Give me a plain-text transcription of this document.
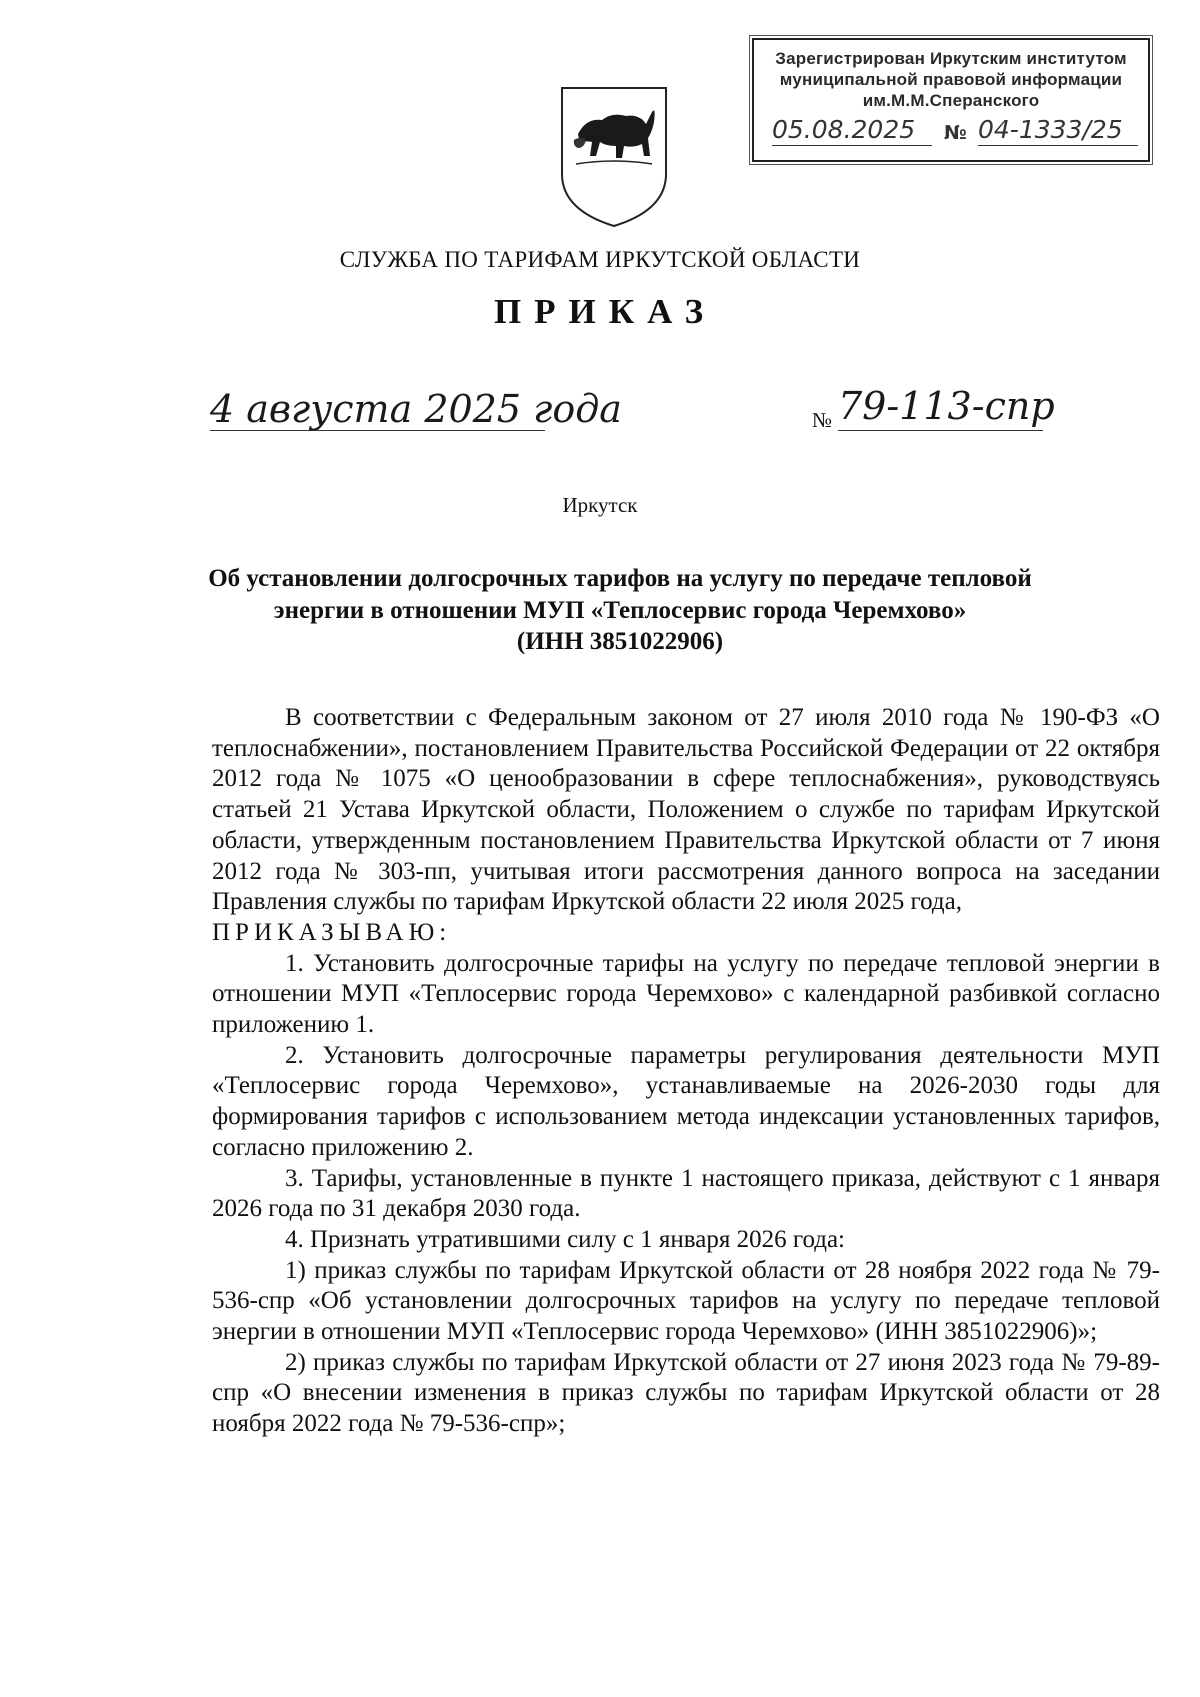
Зарегистрирован Иркутским институтом
муниципальной правовой информации
им.М.М.Сперанского
05.08.2025	№ 04-1333/25
СЛУЖБА ПО ТАРИФАМ ИРКУТСКОЙ ОБЛАСТИ
ПРИКАЗ
4 августа 2025 года	№ 79-113-спр
Иркутск
Об установлении долгосрочных тарифов на услугу по передаче тепловой
энергии в отношении МУП «Теплосервис города Черемхово»
(ИНН 3851022906)

В соответствии с Федеральным законом от 27 июля 2010 года № 190-ФЗ «О теплоснабжении», постановлением Правительства Российской Федерации от 22 октября 2012 года № 1075 «О ценообразовании в сфере теплоснабжения», руководствуясь статьей 21 Устава Иркутской области, Положением о службе по тарифам Иркутской области, утвержденным постановлением Правительства Иркутской области от 7 июня 2012 года № 303-пп, учитывая итоги рассмотрения данного вопроса на заседании Правления службы по тарифам Иркутской области 22 июля 2025 года,

ПРИКАЗЫВАЮ:

1. Установить долгосрочные тарифы на услугу по передаче тепловой энергии в отношении МУП «Теплосервис города Черемхово» с календарной разбивкой согласно приложению 1.

2. Установить долгосрочные параметры регулирования деятельности МУП «Теплосервис города Черемхово», устанавливаемые на 2026-2030 годы для формирования тарифов с использованием метода индексации установленных тарифов, согласно приложению 2.

3. Тарифы, установленные в пункте 1 настоящего приказа, действуют с 1 января 2026 года по 31 декабря 2030 года.

4. Признать утратившими силу с 1 января 2026 года:

1) приказ службы по тарифам Иркутской области от 28 ноября 2022 года № 79-536-спр «Об установлении долгосрочных тарифов на услугу по передаче тепловой энергии в отношении МУП «Теплосервис города Черемхово» (ИНН 3851022906)»;

2) приказ службы по тарифам Иркутской области от 27 июня 2023 года № 79-89-спр «О внесении изменения в приказ службы по тарифам Иркутской области от 28 ноября 2022 года № 79-536-спр»;
